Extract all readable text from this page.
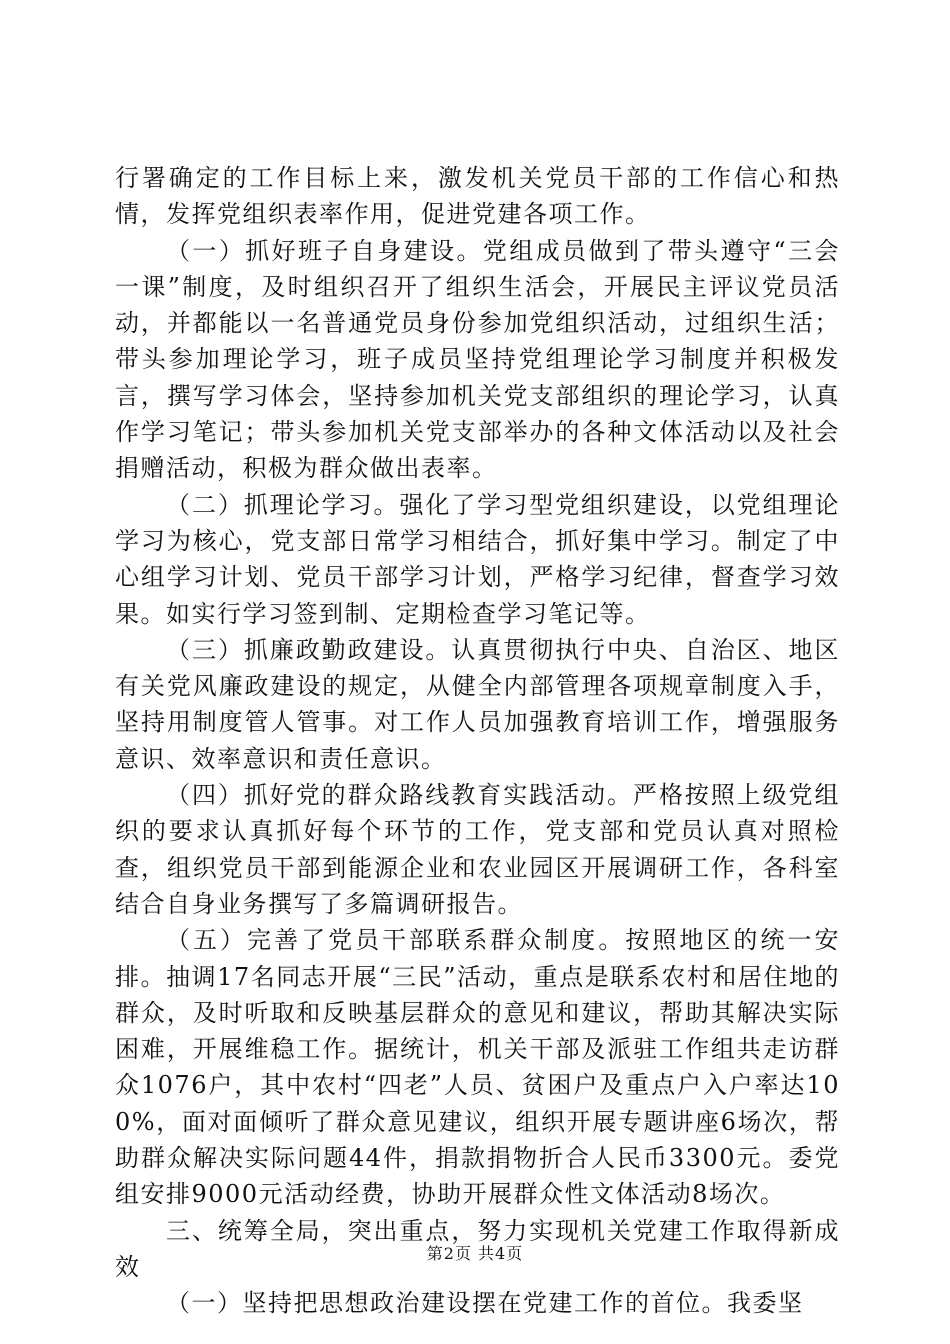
行署确定的工作目标上来，激发机关党员干部的工作信心和热情，发挥党组织表率作用，促进党建各项工作。

（一）抓好班子自身建设。党组成员做到了带头遵守“三会一课”制度，及时组织召开了组织生活会，开展民主评议党员活动，并都能以一名普通党员身份参加党组织活动，过组织生活；带头参加理论学习，班子成员坚持党组理论学习制度并积极发言，撰写学习体会，坚持参加机关党支部组织的理论学习，认真作学习笔记；带头参加机关党支部举办的各种文体活动以及社会捐赠活动，积极为群众做出表率。

（二）抓理论学习。强化了学习型党组织建设，以党组理论学习为核心，党支部日常学习相结合，抓好集中学习。制定了中心组学习计划、党员干部学习计划，严格学习纪律，督查学习效果。如实行学习签到制、定期检查学习笔记等。

（三）抓廉政勤政建设。认真贯彻执行中央、自治区、地区有关党风廉政建设的规定，从健全内部管理各项规章制度入手，坚持用制度管人管事。对工作人员加强教育培训工作，增强服务意识、效率意识和责任意识。

（四）抓好党的群众路线教育实践活动。严格按照上级党组织的要求认真抓好每个环节的工作，党支部和党员认真对照检查，组织党员干部到能源企业和农业园区开展调研工作，各科室结合自身业务撰写了多篇调研报告。

（五）完善了党员干部联系群众制度。按照地区的统一安排。抽调17名同志开展“三民”活动，重点是联系农村和居住地的群众，及时听取和反映基层群众的意见和建议，帮助其解决实际困难，开展维稳工作。据统计，机关干部及派驻工作组共走访群众1076户，其中农村“四老”人员、贫困户及重点户入户率达100%，面对面倾听了群众意见建议，组织开展专题讲座6场次，帮助群众解决实际问题44件，捐款捐物折合人民币3300元。委党组安排9000元活动经费，协助开展群众性文体活动8场次。

三、统筹全局，突出重点，努力实现机关党建工作取得新成效

（一）坚持把思想政治建设摆在党建工作的首位。我委坚

第2页 共4页
